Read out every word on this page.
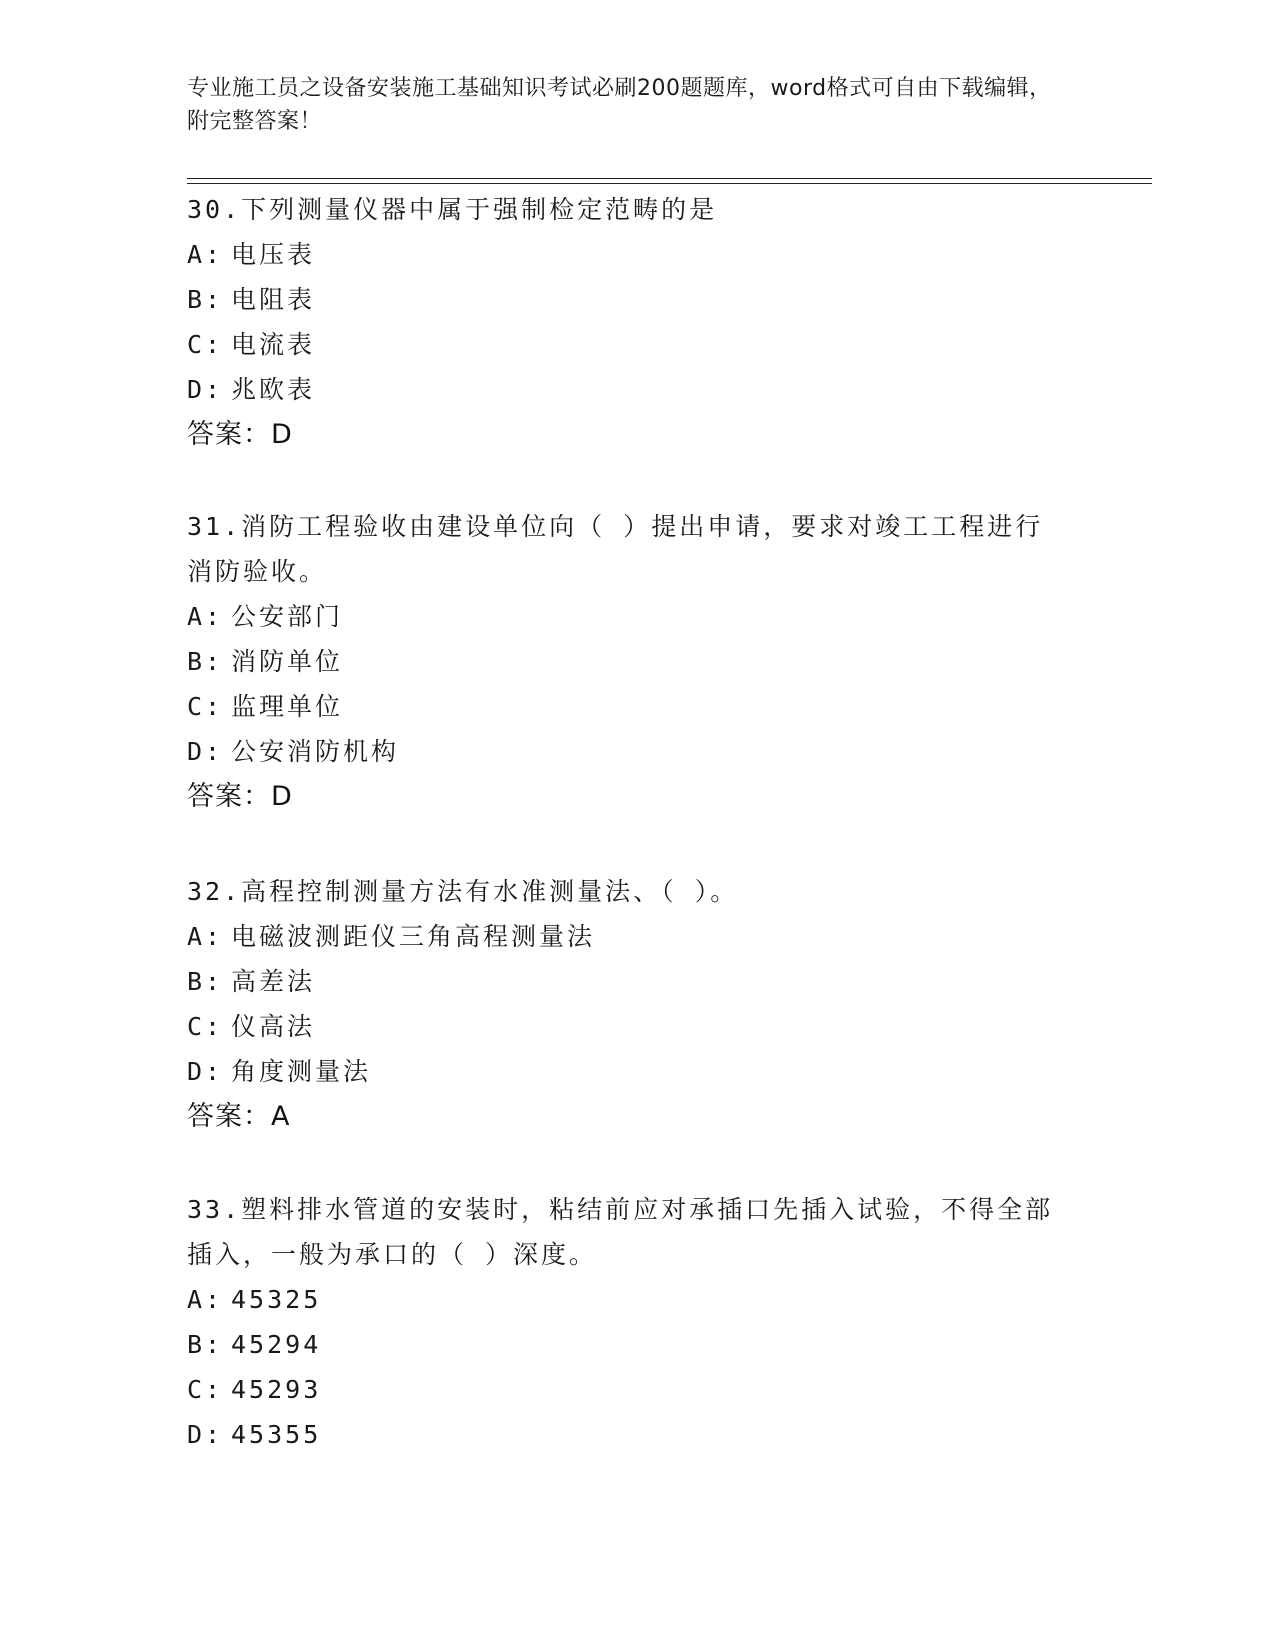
专业施工员之设备安装施工基础知识考试必刷200题题库，word格式可自由下载编辑，附完整答案！
30.下列测量仪器中属于强制检定范畴的是
A: 电压表
B: 电阻表
C: 电流表
D: 兆欧表
答案：D
31.消防工程验收由建设单位向（ ）提出申请，要求对竣工工程进行消防验收。
A: 公安部门
B: 消防单位
C: 监理单位
D: 公安消防机构
答案：D
32.高程控制测量方法有水准测量法、（ ）。
A: 电磁波测距仪三角高程测量法
B: 高差法
C: 仪高法
D: 角度测量法
答案：A
33.塑料排水管道的安装时，粘结前应对承插口先插入试验，不得全部插入，一般为承口的（ ）深度。
A: 45325
B: 45294
C: 45293
D: 45355
